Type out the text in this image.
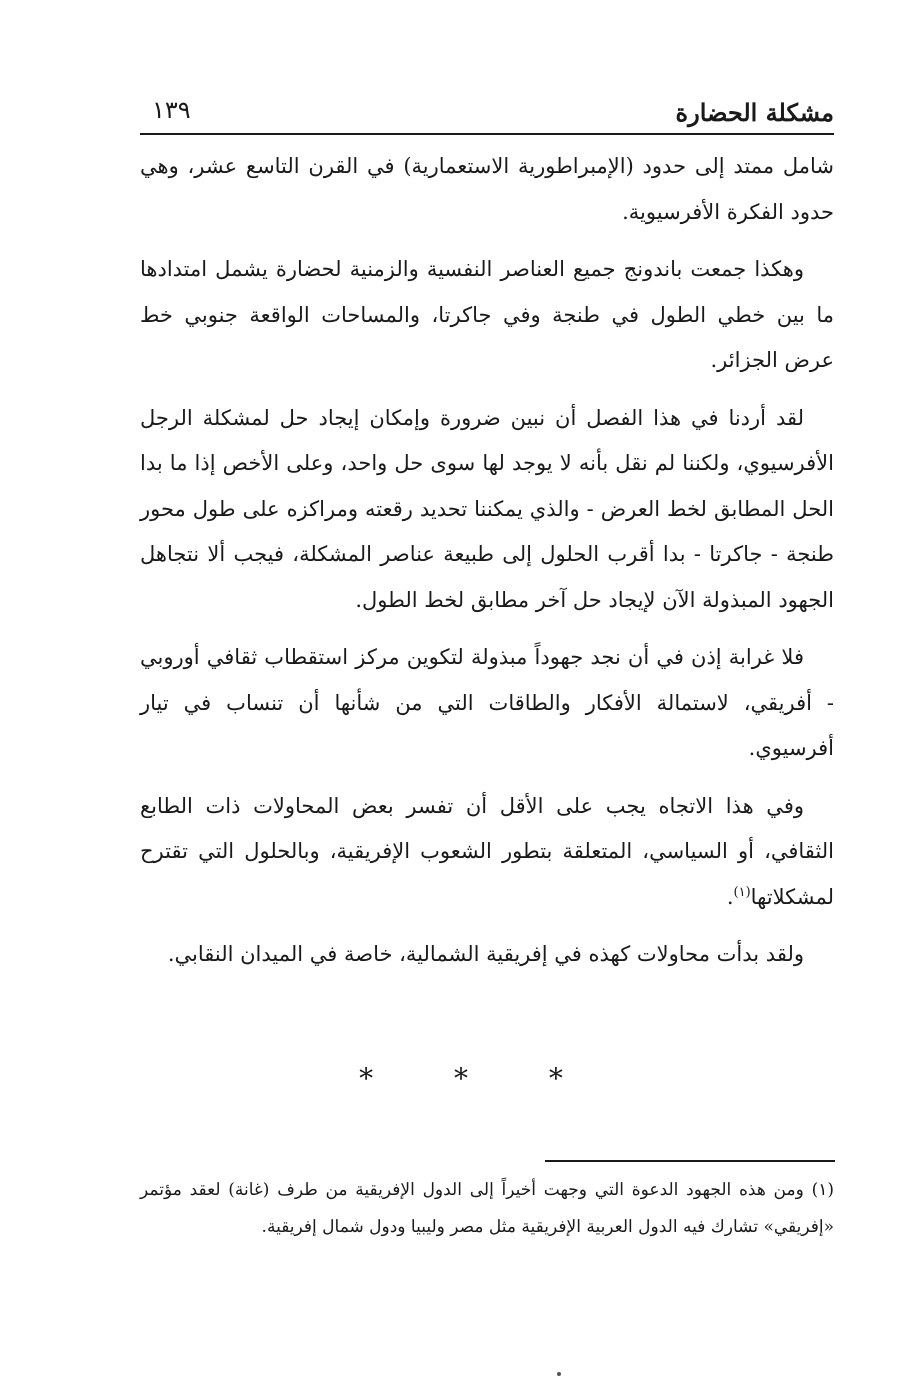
مشكلة الحضارة
١٣٩

شامل ممتد إلى حدود (الإمبراطورية الاستعمارية) في القرن التاسع عشر، وهي حدود الفكرة الأفرسيوية.

وهكذا جمعت باندونج جميع العناصر النفسية والزمنية لحضارة يشمل امتدادها ما بين خطي الطول في طنجة وفي جاكرتا، والمساحات الواقعة جنوبي خط عرض الجزائر.

لقد أردنا في هذا الفصل أن نبين ضرورة وإمكان إيجاد حل لمشكلة الرجل الأفرسيوي، ولكننا لم نقل بأنه لا يوجد لها سوى حل واحد، وعلى الأخص إذا ما بدا الحل المطابق لخط العرض - والذي يمكننا تحديد رقعته ومراكزه على طول محور طنجة - جاكرتا - بدا أقرب الحلول إلى طبيعة عناصر المشكلة، فيجب ألا نتجاهل الجهود المبذولة الآن لإيجاد حل آخر مطابق لخط الطول.

فلا غرابة إذن في أن نجد جهوداً مبذولة لتكوين مركز استقطاب ثقافي أوروبي - أفريقي، لاستمالة الأفكار والطاقات التي من شأنها أن تنساب في تيار أفرسيوي.

وفي هذا الاتجاه يجب على الأقل أن تفسر بعض المحاولات ذات الطابع الثقافي، أو السياسي، المتعلقة بتطور الشعوب الإفريقية، وبالحلول التي تقترح لمشكلاتها$^{(١)}$.

ولقد بدأت محاولات كهذه في إفريقية الشمالية، خاصة في الميدان النقابي.

*	*	*

(١) ومن هذه الجهود الدعوة التي وجهت أخيراً إلى الدول الإفريقية من طرف (غانة) لعقد مؤتمر «إفريقي» تشارك فيه الدول العربية الإفريقية مثل مصر وليبيا ودول شمال إفريقية.
